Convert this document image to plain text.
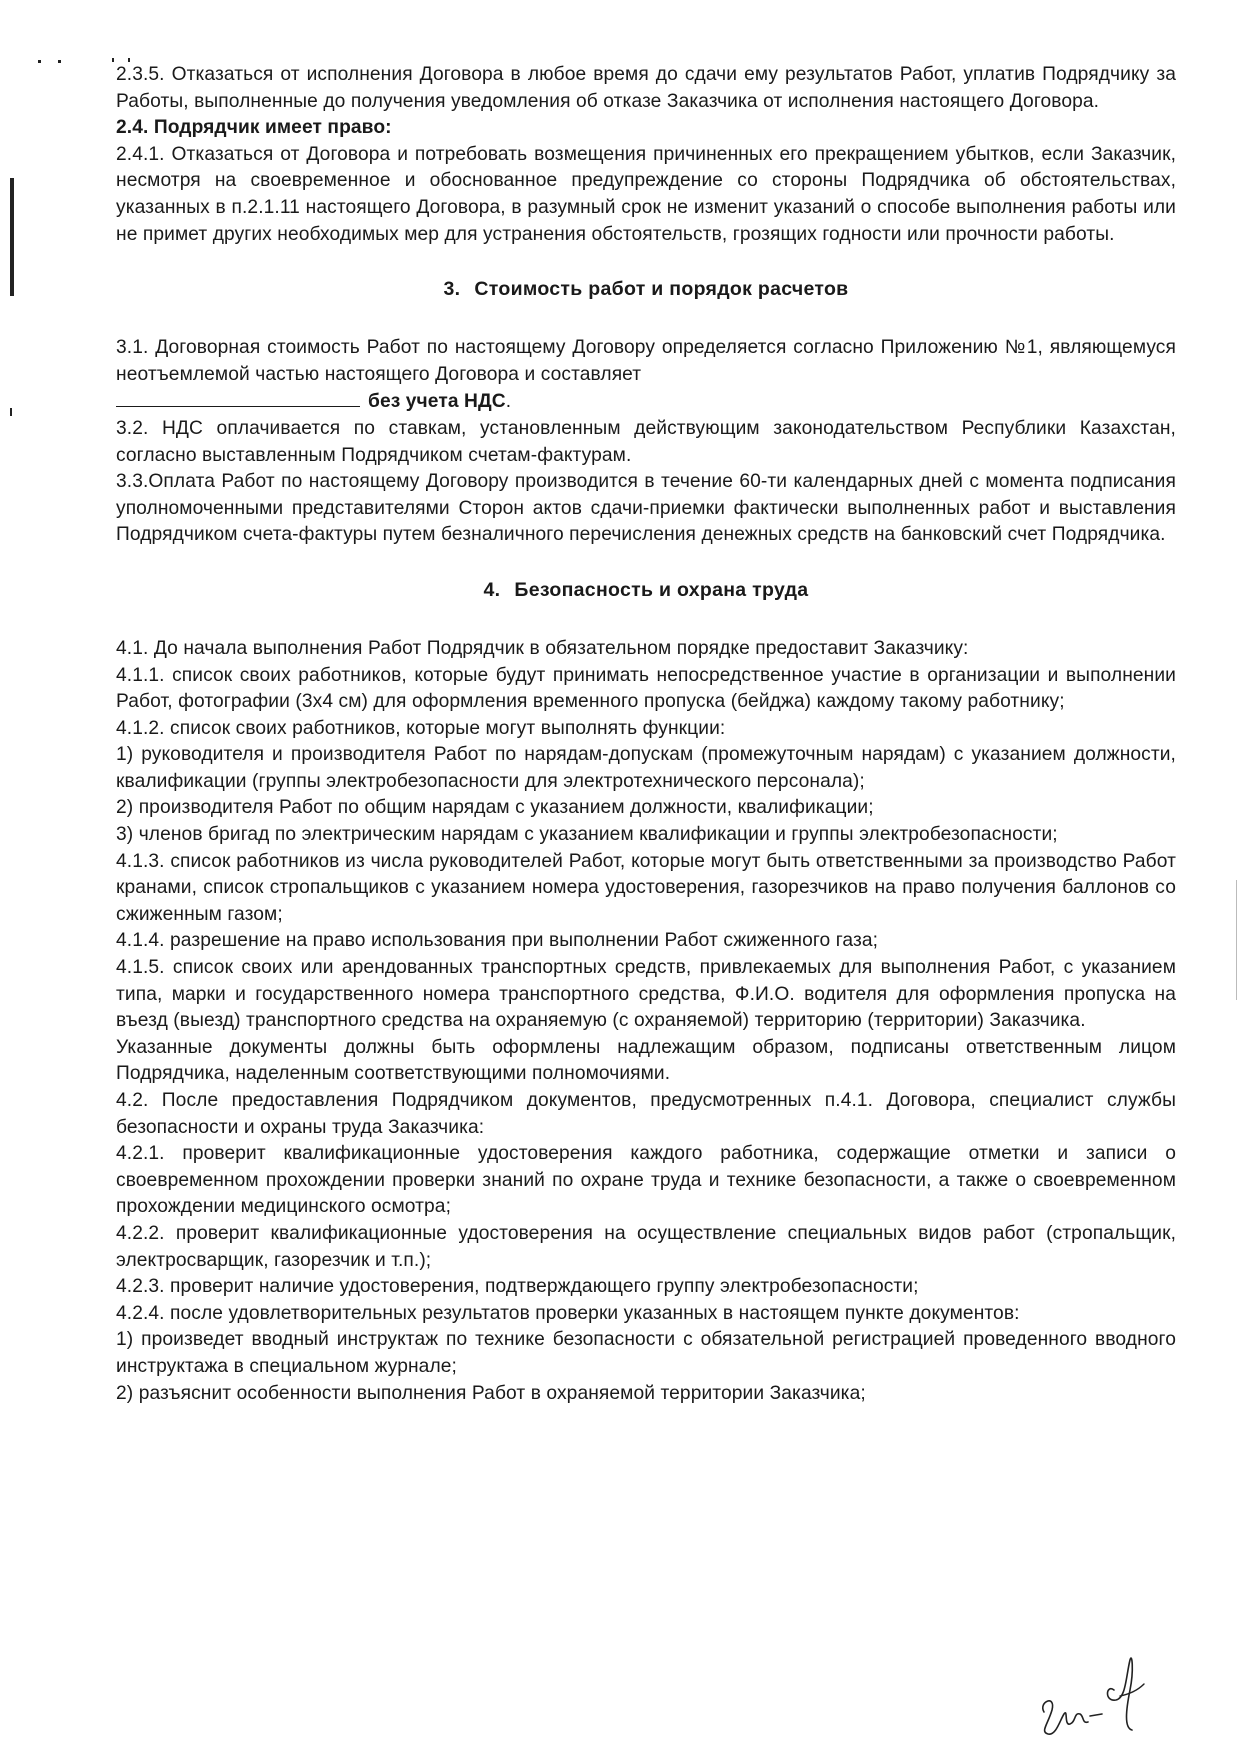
2.3.5. Отказаться от исполнения Договора в любое время до сдачи ему результатов Работ, уплатив Подрядчику за Работы, выполненные до получения уведомления об отказе Заказчика от исполнения настоящего Договора.

2.4. Подрядчик имеет право:

2.4.1. Отказаться от Договора и потребовать возмещения причиненных его прекращением убытков, если Заказчик, несмотря на своевременное и обоснованное предупреждение со стороны Подрядчика об обстоятельствах, указанных в п.2.1.11 настоящего Договора, в разумный срок не изменит указаний о способе выполнения работы или не примет других необходимых мер для устранения обстоятельств, грозящих годности или прочности работы.

3. Стоимость работ и порядок расчетов

3.1. Договорная стоимость Работ по настоящему Договору определяется согласно Приложению №1, являющемуся неотъемлемой частью настоящего Договора и составляет
без учета НДС.

3.2. НДС оплачивается по ставкам, установленным действующим законодательством Республики Казахстан, согласно выставленным Подрядчиком счетам-фактурам.

3.3.Оплата Работ по настоящему Договору производится в течение 60-ти календарных дней с момента подписания уполномоченными представителями Сторон актов сдачи-приемки фактически выполненных работ и выставления Подрядчиком счета-фактуры путем безналичного перечисления денежных средств на банковский счет Подрядчика.

4. Безопасность и охрана труда

4.1. До начала выполнения Работ Подрядчик в обязательном порядке предоставит Заказчику:

4.1.1. список своих работников, которые будут принимать непосредственное участие в организации и выполнении Работ, фотографии (3х4 см) для оформления временного пропуска (бейджа) каждому такому работнику;

4.1.2. список своих работников, которые могут выполнять функции:

1) руководителя и производителя Работ по нарядам-допускам (промежуточным нарядам) с указанием должности, квалификации (группы электробезопасности для электротехнического персонала);

2) производителя Работ по общим нарядам с указанием должности, квалификации;

3) членов бригад по электрическим нарядам с указанием квалификации и группы электробезопасности;

4.1.3. список работников из числа руководителей Работ, которые могут быть ответственными за производство Работ кранами, список стропальщиков с указанием номера удостоверения, газорезчиков на право получения баллонов со сжиженным газом;

4.1.4. разрешение на право использования при выполнении Работ сжиженного газа;

4.1.5. список своих или арендованных транспортных средств, привлекаемых для выполнения Работ, с указанием типа, марки и государственного номера транспортного средства, Ф.И.О. водителя для оформления пропуска на въезд (выезд) транспортного средства на охраняемую (с охраняемой) территорию (территории) Заказчика.

Указанные документы должны быть оформлены надлежащим образом, подписаны ответственным лицом Подрядчика, наделенным соответствующими полномочиями.

4.2. После предоставления Подрядчиком документов, предусмотренных п.4.1. Договора, специалист службы безопасности и охраны труда Заказчика:

4.2.1. проверит квалификационные удостоверения каждого работника, содержащие отметки и записи о своевременном прохождении проверки знаний по охране труда и технике безопасности, а также о своевременном прохождении медицинского осмотра;

4.2.2. проверит квалификационные удостоверения на осуществление специальных видов работ (стропальщик, электросварщик, газорезчик и т.п.);

4.2.3. проверит наличие удостоверения, подтверждающего группу электробезопасности;

4.2.4. после удовлетворительных результатов проверки указанных в настоящем пункте документов:

1) произведет вводный инструктаж по технике безопасности с обязательной регистрацией проведенного вводного инструктажа в специальном журнале;

2) разъяснит особенности выполнения Работ в охраняемой территории Заказчика;
